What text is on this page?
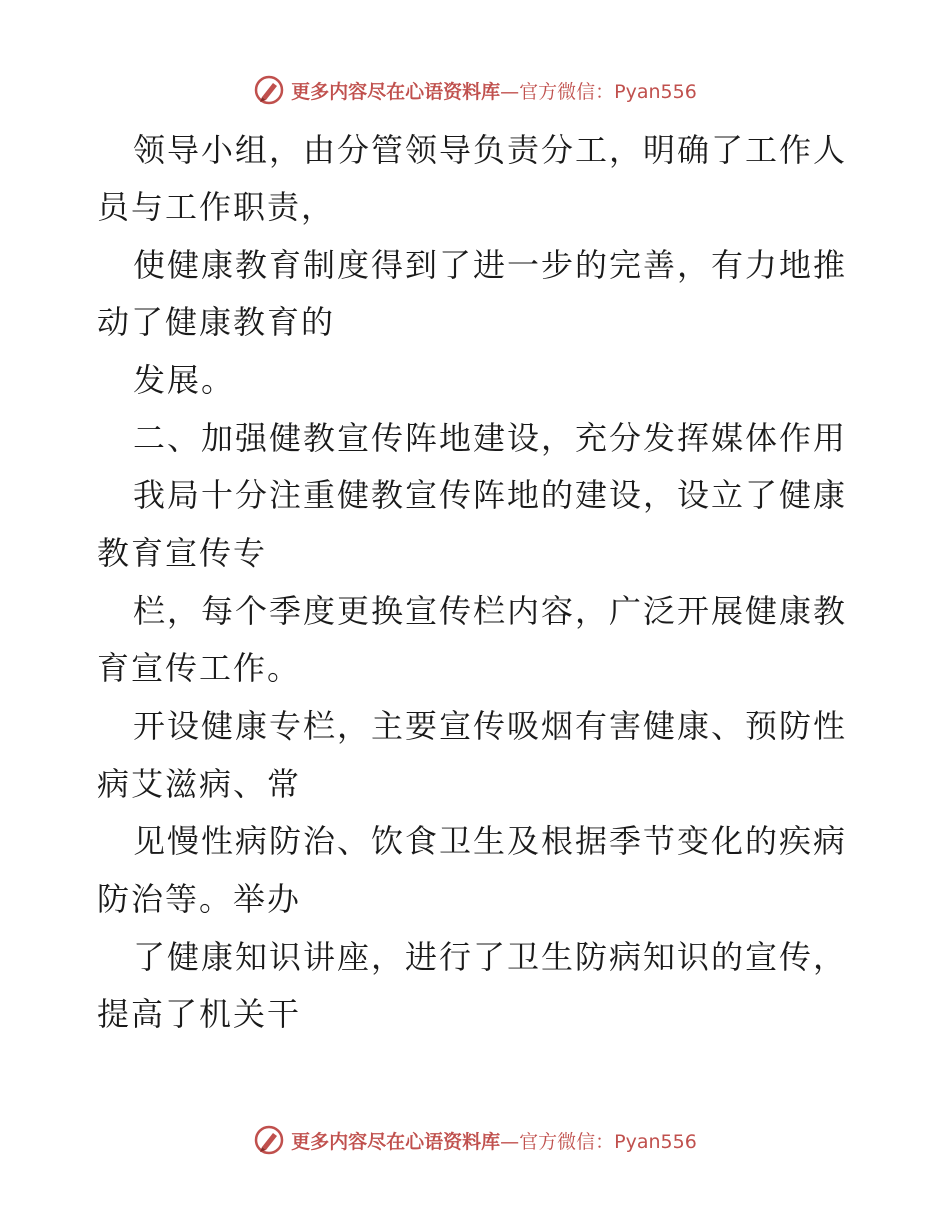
更多内容尽在心语资料库 —官方微信：Pyan556
领导小组，由分管领导负责分工，明确了工作人
员与工作职责，
使健康教育制度得到了进一步的完善，有力地推
动了健康教育的
发展。
二、加强健教宣传阵地建设，充分发挥媒体作用
我局十分注重健教宣传阵地的建设，设立了健康
教育宣传专
栏，每个季度更换宣传栏内容，广泛开展健康教
育宣传工作。
开设健康专栏，主要宣传吸烟有害健康、预防性
病艾滋病、常
见慢性病防治、饮食卫生及根据季节变化的疾病
防治等。举办
了健康知识讲座，进行了卫生防病知识的宣传，
提高了机关干
更多内容尽在心语资料库 —官方微信：Pyan556
